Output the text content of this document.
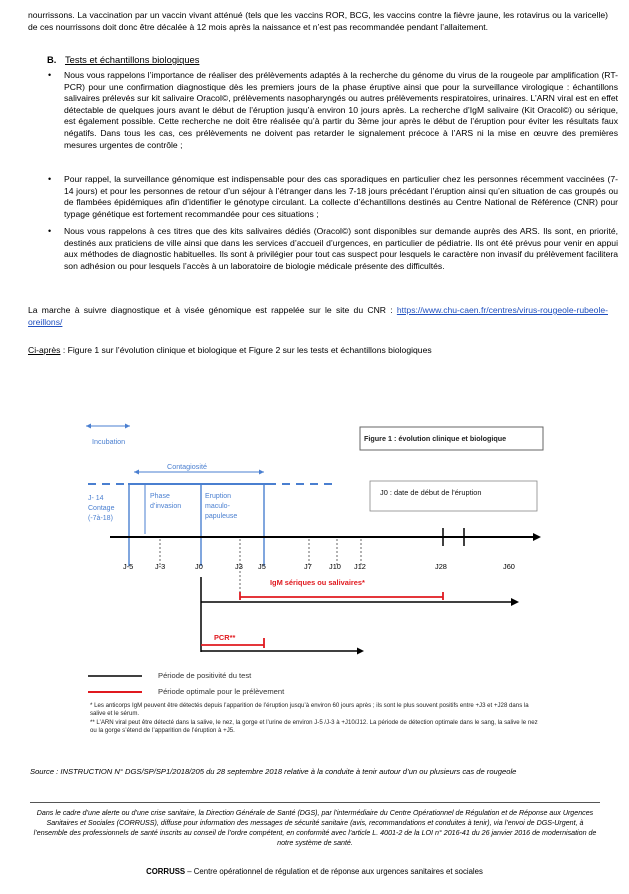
nourrissons. La vaccination par un vaccin vivant atténué (tels que les vaccins ROR, BCG, les vaccins contre la fièvre jaune, les rotavirus ou la varicelle) de ces nourrissons doit donc être décalée à 12 mois après la naissance et n’est pas recommandée pendant l’allaitement.
B. Tests et échantillons biologiques
• Nous vous rappelons l’importance de réaliser des prélèvements adaptés à la recherche du génome du virus de la rougeole par amplification (RT-PCR) pour une confirmation diagnostique dès les premiers jours de la phase éruptive ainsi que pour la surveillance virologique : échantillons salivaires prélevés sur kit salivaire Oracol©, prélèvements nasopharyngés ou autres prélèvements respiratoires, urinaires. L’ARN viral est en effet détectable de quelques jours avant le début de l’éruption jusqu’à environ 10 jours après. La recherche d’IgM salivaire (Kit Oracol©) ou sérique, est également possible. Cette recherche ne doit être réalisée qu’à partir du 3ème jour après le début de l’éruption pour éviter les résultats faux négatifs. Dans tous les cas, ces prélèvements ne doivent pas retarder le signalement précoce à l’ARS ni la mise en œuvre des premières mesures urgentes de contrôle ;
• Pour rappel, la surveillance génomique est indispensable pour des cas sporadiques en particulier chez les personnes récemment vaccinées (7-14 jours) et pour les personnes de retour d’un séjour à l’étranger dans les 7-18 jours précédant l’éruption ainsi qu’en situation de cas groupés ou de flambées épidémiques afin d’identifier le génotype circulant. La collecte d’échantillons destinés au Centre National de Référence (CNR) pour typage génétique est fortement recommandée pour ces situations ;
• Nous vous rappelons à ces titres que des kits salivaires dédiés (Oracol©) sont disponibles sur demande auprès des ARS. Ils sont, en priorité, destinés aux praticiens de ville ainsi que dans les services d’accueil d’urgences, en particulier de pédiatrie. Ils ont été prévus pour venir en appui aux méthodes de diagnostic habituelles. Ils sont à privilégier pour tout cas suspect pour lesquels le caractère non invasif du prélèvement facilitera son adhésion ou pour lesquels l’accès à un laboratoire de biologie médicale présente des difficultés.
La marche à suivre diagnostique et à visée génomique est rappelée sur le site du CNR : https://www.chu-caen.fr/centres/virus-rougeole-rubeole-oreillons/
Ci-après : Figure 1 sur l’évolution clinique et biologique et Figure 2 sur les tests et échantillons biologiques
Figure 1 : évolution clinique et biologique
Incubation
Contagiosité
J- 14
Contage
(-7à-18)
Phase
d’invasion
Eruption
maculo-
papuleuse
J0 : date de début de l’éruption
J-5	J-3	J0	J3 J5	J7 J10 J12	J28	J60
IgM sériques ou salivaires*
PCR**
Période de positivité du test
Période optimale pour le prélèvement
* Les anticorps IgM peuvent être détectés depuis l’apparition de l’éruption jusqu’à environ 60 jours après ; ils sont le plus souvent positifs entre +J3 et +J28 dans la salive et le sérum.
** L’ARN viral peut être détecté dans la salive, le nez, la gorge et l’urine de environ J-5 /J-3 à +J10/J12. La période de détection optimale dans le sang, la salive le nez ou la gorge s’étend de l’apparition de l’éruption à +J5.
Source : INSTRUCTION N° DGS/SP/SP1/2018/205 du 28 septembre 2018 relative à la conduite à tenir autour d’un ou plusieurs cas de rougeole
Dans le cadre d’une alerte ou d’une crise sanitaire, la Direction Générale de Santé (DGS), par l’intermédiaire du Centre Opérationnel de Régulation et de Réponse aux Urgences Sanitaires et Sociales (CORRUSS), diffuse pour information des messages de sécurité sanitaire (avis, recommandations et conduites à tenir), via l’envoi de DGS-Urgent, à l’ensemble des professionnels de santé inscrits au conseil de l’ordre compétent, en conformité avec l’article L. 4001-2 de la LOI n° 2016-41 du 26 janvier 2016 de modernisation de notre système de santé.
CORRUSS – Centre opérationnel de régulation et de réponse aux urgences sanitaires et sociales
